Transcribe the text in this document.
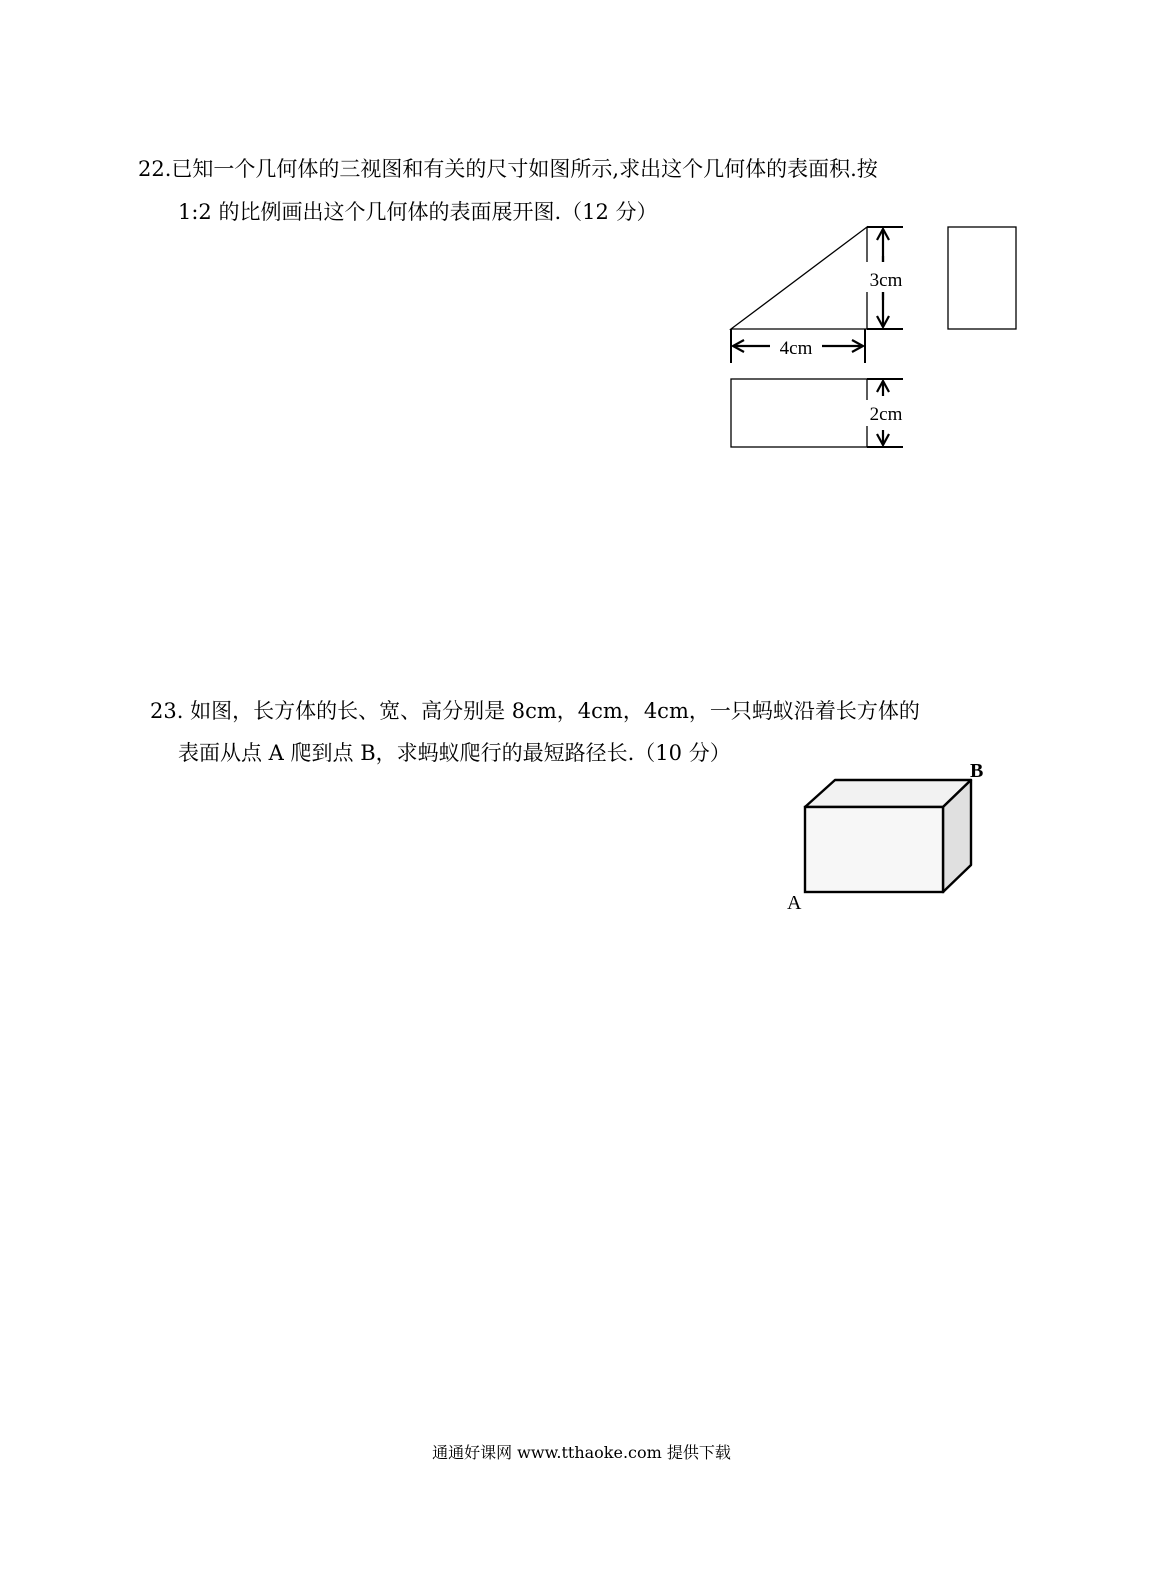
22.已知一个几何体的三视图和有关的尺寸如图所示,求出这个几何体的表面积.按
1:2 的比例画出这个几何体的表面展开图.（12 分）
3cm
4cm
2cm
23. 如图，长方体的长、宽、高分别是 8cm，4cm，4cm，一只蚂蚁沿着长方体的
表面从点 A 爬到点 B，求蚂蚁爬行的最短路径长.（10 分）
A
B
通通好课网 www.tthaoke.com 提供下载
